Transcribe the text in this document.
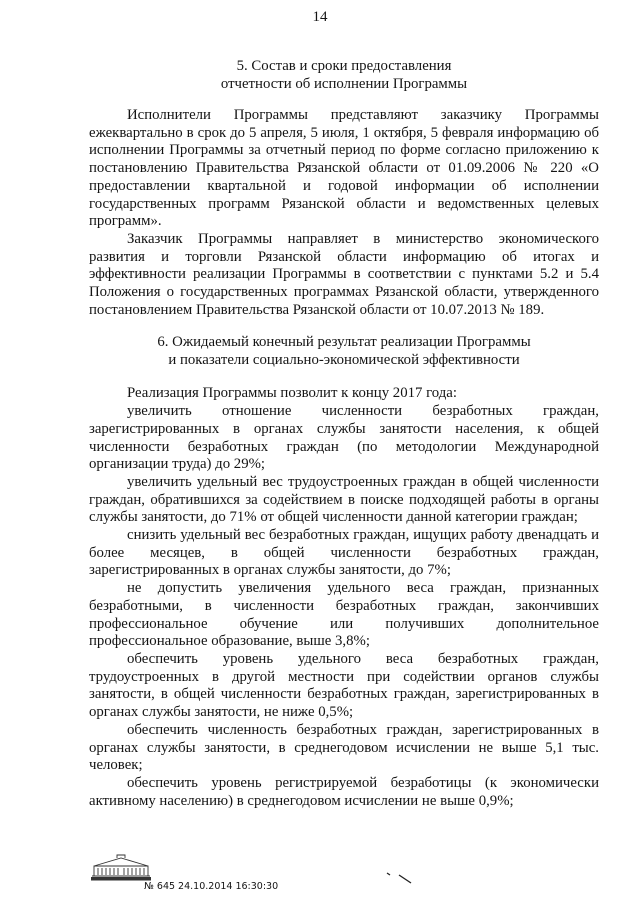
14
5. Состав и сроки предоставления
отчетности об исполнении Программы

Исполнители Программы представляют заказчику Программы ежеквартально в срок до 5 апреля, 5 июля, 1 октября, 5 февраля информацию об исполнении Программы за отчетный период по форме согласно приложению к постановлению Правительства Рязанской области от 01.09.2006 № 220 «О предоставлении квартальной и годовой информации об исполнении государственных программ Рязанской области и ведомственных целевых программ».

Заказчик Программы направляет в министерство экономического развития и торговли Рязанской области информацию об итогах и эффективности реализации Программы в соответствии с пунктами 5.2 и 5.4 Положения о государственных программах Рязанской области, утвержденного постановлением Правительства Рязанской области от 10.07.2013 № 189.

6. Ожидаемый конечный результат реализации Программы
и показатели социально-экономической эффективности

Реализация Программы позволит к концу 2017 года:

увеличить отношение численности безработных граждан, зарегистрированных в органах службы занятости населения, к общей численности безработных граждан (по методологии Международной организации труда) до 29%;

увеличить удельный вес трудоустроенных граждан в общей численности граждан, обратившихся за содействием в поиске подходящей работы в органы службы занятости, до 71% от общей численности данной категории граждан;

снизить удельный вес безработных граждан, ищущих работу двенадцать и более месяцев, в общей численности безработных граждан, зарегистрированных в органах службы занятости, до 7%;

не допустить увеличения удельного веса граждан, признанных безработными, в численности безработных граждан, закончивших профессиональное обучение или получивших дополнительное профессиональное образование, выше 3,8%;

обеспечить уровень удельного веса безработных граждан, трудоустроенных в другой местности при содействии органов службы занятости, в общей численности безработных граждан, зарегистрированных в органах службы занятости, не ниже 0,5%;

обеспечить численность безработных граждан, зарегистрированных в органах службы занятости, в среднегодовом исчислении не выше 5,1 тыс. человек;

обеспечить уровень регистрируемой безработицы (к экономически активному населению) в среднегодовом исчислении не выше 0,9%;

№ 645 24.10.2014 16:30:30
